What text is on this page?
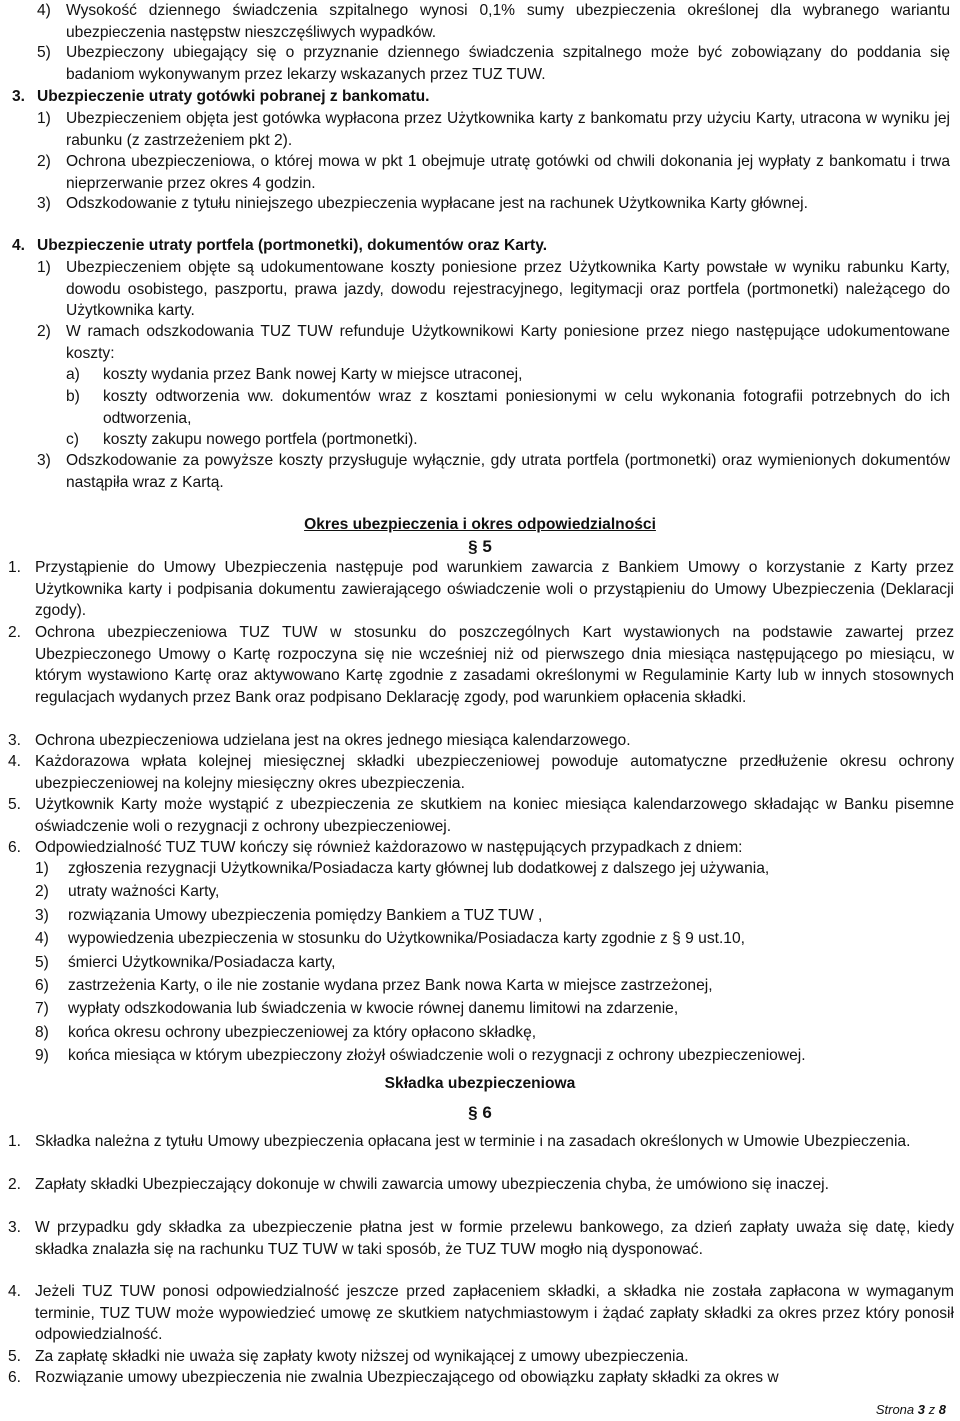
4) Wysokość dziennego świadczenia szpitalnego wynosi 0,1% sumy ubezpieczenia określonej dla wybranego wariantu ubezpieczenia następstw nieszczęśliwych wypadków.
5) Ubezpieczony ubiegający się o przyznanie dziennego świadczenia szpitalnego może być zobowiązany do poddania się badaniom wykonywanym przez lekarzy wskazanych przez TUZ TUW.
3. Ubezpieczenie utraty gotówki pobranej z bankomatu.
1) Ubezpieczeniem objęta jest gotówka wypłacona przez Użytkownika karty z bankomatu przy użyciu Karty, utracona w wyniku jej rabunku (z zastrzeżeniem pkt 2).
2) Ochrona ubezpieczeniowa, o której mowa w pkt 1 obejmuje utratę gotówki od chwili dokonania jej wypłaty z bankomatu i trwa nieprzerwanie przez okres 4 godzin.
3) Odszkodowanie z tytułu niniejszego ubezpieczenia wypłacane jest na rachunek Użytkownika Karty głównej.
4. Ubezpieczenie utraty portfela (portmonetki), dokumentów oraz Karty.
1) Ubezpieczeniem objęte są udokumentowane koszty poniesione przez Użytkownika Karty powstałe w wyniku rabunku Karty, dowodu osobistego, paszportu, prawa jazdy, dowodu rejestracyjnego, legitymacji oraz portfela (portmonetki) należącego do Użytkownika karty.
2) W ramach odszkodowania TUZ TUW refunduje Użytkownikowi Karty poniesione przez niego następujące udokumentowane koszty:
a)	koszty wydania przez Bank nowej Karty w miejsce utraconej,
b)	koszty odtworzenia ww. dokumentów wraz z kosztami poniesionymi w celu wykonania fotografii potrzebnych do ich odtworzenia,
c)	koszty zakupu nowego portfela (portmonetki).
3) Odszkodowanie za powyższe koszty przysługuje wyłącznie, gdy utrata portfela (portmonetki) oraz wymienionych dokumentów nastąpiła wraz z Kartą.
Okres ubezpieczenia i okres odpowiedzialności
§ 5
1. Przystąpienie do Umowy Ubezpieczenia następuje pod warunkiem zawarcia z Bankiem Umowy o korzystanie z Karty przez Użytkownika karty i podpisania dokumentu zawierającego oświadczenie woli o przystąpieniu do Umowy Ubezpieczenia (Deklaracji zgody).
2. Ochrona ubezpieczeniowa TUZ TUW w stosunku do poszczególnych Kart wystawionych na podstawie zawartej przez Ubezpieczonego Umowy o Kartę rozpoczyna się nie wcześniej niż od pierwszego dnia miesiąca następującego po miesiącu, w którym wystawiono Kartę oraz aktywowano Kartę zgodnie z zasadami określonymi w Regulaminie Karty lub w innych stosownych regulacjach wydanych przez Bank oraz podpisano Deklarację zgody, pod warunkiem opłacenia składki.
3. Ochrona ubezpieczeniowa udzielana jest na okres jednego miesiąca kalendarzowego.
4. Każdorazowa wpłata kolejnej miesięcznej składki ubezpieczeniowej powoduje automatyczne przedłużenie okresu ochrony ubezpieczeniowej na kolejny miesięczny okres ubezpieczenia.
5. Użytkownik Karty może wystąpić z ubezpieczenia ze skutkiem na koniec miesiąca kalendarzowego składając w Banku pisemne oświadczenie woli o rezygnacji z ochrony ubezpieczeniowej.
6. Odpowiedzialność TUZ TUW kończy się również każdorazowo w następujących przypadkach z dniem:
1)	zgłoszenia rezygnacji Użytkownika/Posiadacza karty głównej lub dodatkowej z dalszego jej używania,
2)	utraty ważności Karty,
3)	rozwiązania Umowy ubezpieczenia pomiędzy Bankiem a TUZ TUW ,
4)	wypowiedzenia ubezpieczenia w stosunku do Użytkownika/Posiadacza karty zgodnie z § 9 ust.10,
5)	śmierci Użytkownika/Posiadacza karty,
6)	zastrzeżenia Karty, o ile nie zostanie wydana przez Bank nowa Karta w miejsce zastrzeżonej,
7)	wypłaty odszkodowania lub świadczenia w kwocie równej danemu limitowi na zdarzenie,
8)	końca okresu ochrony ubezpieczeniowej za który opłacono składkę,
9)	końca miesiąca w którym ubezpieczony złożył oświadczenie woli o rezygnacji z ochrony ubezpieczeniowej.
Składka ubezpieczeniowa
§ 6
1. Składka należna z tytułu Umowy ubezpieczenia opłacana jest w terminie i na zasadach określonych w Umowie Ubezpieczenia.
2. Zapłaty składki Ubezpieczający dokonuje w chwili zawarcia umowy ubezpieczenia chyba, że umówiono się inaczej.
3. W przypadku gdy składka za ubezpieczenie płatna jest w formie przelewu bankowego, za dzień zapłaty uważa się datę, kiedy składka znalazła się na rachunku TUZ TUW w taki sposób, że TUZ TUW mogło nią dysponować.
4. Jeżeli TUZ TUW ponosi odpowiedzialność jeszcze przed zapłaceniem składki, a składka nie została zapłacona w wymaganym terminie, TUZ TUW może wypowiedzieć umowę ze skutkiem natychmiastowym i żądać zapłaty składki za okres przez który ponosił odpowiedzialność.
5. Za zapłatę składki nie uważa się zapłaty kwoty niższej od wynikającej z umowy ubezpieczenia.
6. Rozwiązanie umowy ubezpieczenia nie zwalnia Ubezpieczającego od obowiązku zapłaty składki za okres w
Strona 3 z 8
